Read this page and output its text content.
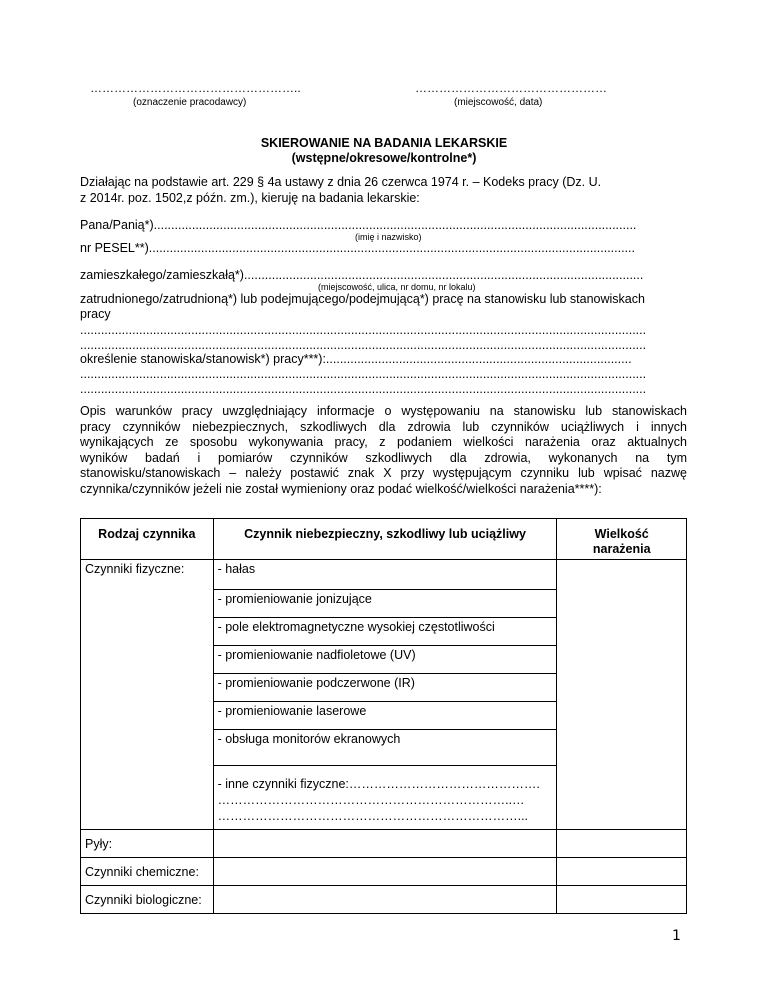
……………………………………………..
(oznaczenie pracodawcy)
…………………………………………
(miejscowość, data)
SKIEROWANIE NA BADANIA LEKARSKIE
(wstępne/okresowe/kontrolne*)
Działając na podstawie art. 229 § 4a ustawy z dnia 26 czerwca 1974 r. – Kodeks pracy (Dz. U.
z 2014r. poz. 1502,z późn. zm.), kieruję na badania lekarskie:
Pana/Panią*)...........................................................................................................................................
(imię i nazwisko)
nr PESEL**)............................................................................................................................................
zamieszkałego/zamieszkałą*)...................................................................................................................
(miejscowość, ulica, nr domu, nr lokalu)
zatrudnionego/zatrudnioną*) lub podejmującego/podejmującą*) pracę na stanowisku lub stanowiskach
pracy
...................................................................................................................................................................
...................................................................................................................................................................
określenie stanowiska/stanowisk*) pracy***):........................................................................................
...................................................................................................................................................................
...................................................................................................................................................................
Opis warunków pracy uwzględniający informacje o występowaniu na stanowisku lub stanowiskach
pracy czynników niebezpiecznych, szkodliwych dla zdrowia lub czynników uciążliwych i innych
wynikających ze sposobu wykonywania pracy, z podaniem wielkości narażenia oraz aktualnych
wyników badań i pomiarów czynników szkodliwych dla zdrowia, wykonanych na tym
stanowisku/stanowiskach – należy postawić znak X przy występującym czynniku lub wpisać nazwę
czynnika/czynników jeżeli nie został wymieniony oraz podać wielkość/wielkości narażenia****):
Rodzaj czynnika	Czynnik niebezpieczny, szkodliwy lub uciążliwy	Wielkość
narażenia

Czynniki fizyczne:	- hałas	
	- promieniowanie jonizujące	
	- pole elektromagnetyczne wysokiej częstotliwości	
	- promieniowanie nadfioletowe (UV)	
	- promieniowanie podczerwone (IR)	
	- promieniowanie laserowe	
	- obsługa monitorów ekranowych	

	- inne czynniki fizyczne:……………………………………….
……………………………………………………………..…
………………………………………………………………...	

Pyły:		
Czynniki chemiczne:		
Czynniki biologiczne:		
1
